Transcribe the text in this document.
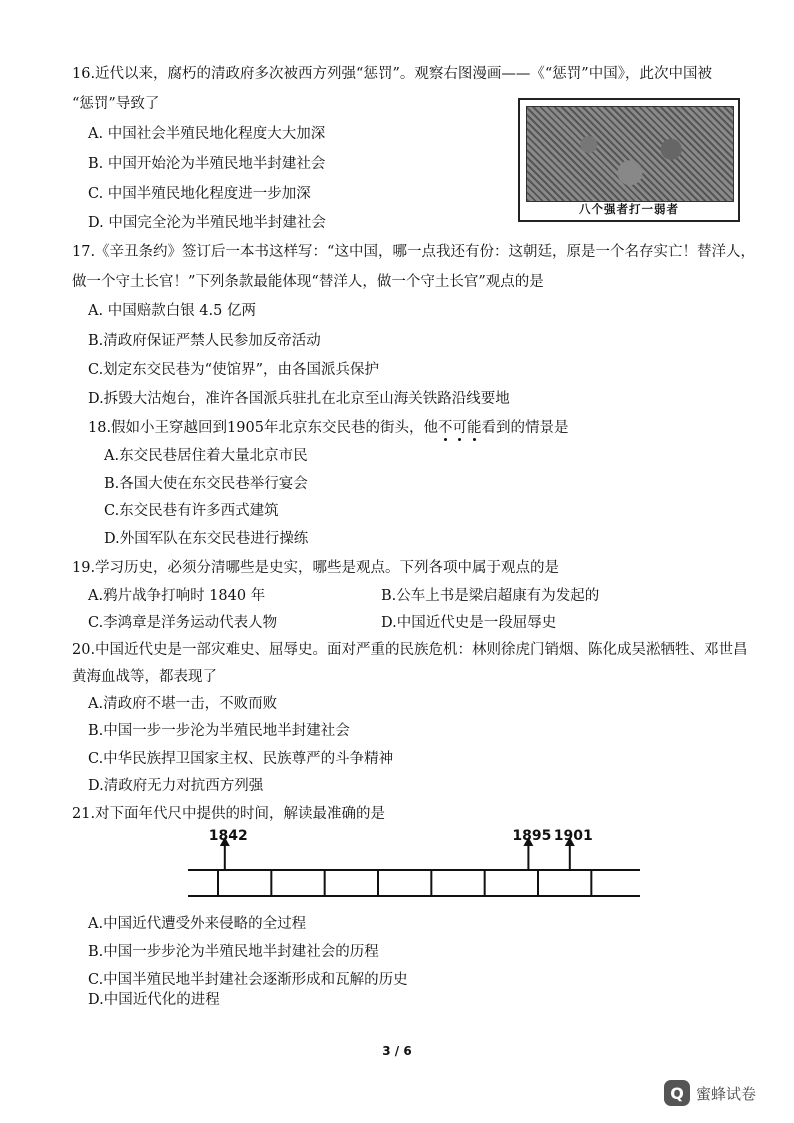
16.近代以来，腐朽的清政府多次被西方列强“惩罚”。观察右图漫画——《“惩罚”中国》，此次中国被
“惩罚”导致了
A. 中国社会半殖民地化程度大大加深
B. 中国开始沦为半殖民地半封建社会
C. 中国半殖民地化程度进一步加深
D. 中国完全沦为半殖民地半封建社会
八个强者打一弱者
17.《辛丑条约》签订后一本书这样写：“这中国，哪一点我还有份：这朝廷，原是一个名存实亡！替洋人，
做一个守土长官！”下列条款最能体现“替洋人，做一个守土长官”观点的是
A. 中国赔款白银 4.5 亿两
B.清政府保证严禁人民参加反帝活动
C.划定东交民巷为“使馆界”，由各国派兵保护
D.拆毁大沽炮台，准许各国派兵驻扎在北京至山海关铁路沿线要地
18.假如小王穿越回到1905年北京东交民巷的街头，他不可能看到的情景是
A.东交民巷居住着大量北京市民
B.各国大使在东交民巷举行宴会
C.东交民巷有许多西式建筑
D.外国军队在东交民巷进行操练
19.学习历史，必须分清哪些是史实，哪些是观点。下列各项中属于观点的是
A.鸦片战争打响时 1840 年	B.公车上书是梁启超康有为发起的
C.李鸿章是洋务运动代表人物	D.中国近代史是一段屈辱史
20.中国近代史是一部灾难史、屈辱史。面对严重的民族危机：林则徐虎门销烟、陈化成吴淞牺牲、邓世昌
黄海血战等，都表现了
A.清政府不堪一击，不败而败
B.中国一步一步沦为半殖民地半封建社会
C.中华民族捍卫国家主权、民族尊严的斗争精神
D.清政府无力对抗西方列强
21.对下面年代尺中提供的时间，解读最准确的是
1842	1895 1901
A.中国近代遭受外来侵略的全过程
B.中国一步步沦为半殖民地半封建社会的历程
C.中国半殖民地半封建社会逐渐形成和瓦解的历史
D.中国近代化的进程
3 / 6
Q 蜜蜂试卷
